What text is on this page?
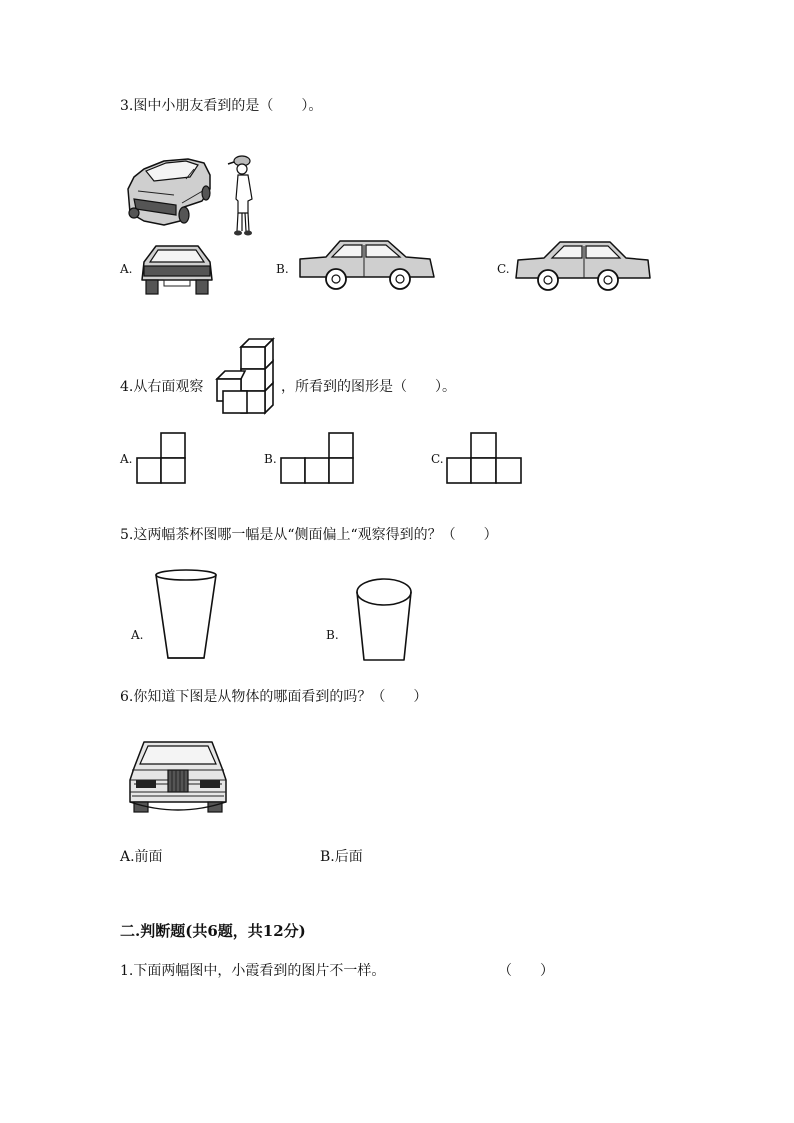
3.图中小朋友看到的是（　　）。
A.	B.	C.
4.从右面观察	，所看到的图形是（　　）。
A.	B.	C.
5.这两幅茶杯图哪一幅是从“侧面偏上“观察得到的？（　　）
A.	B.
6.你知道下图是从物体的哪面看到的吗？（　　）
A.前面	B.后面
二.判断题(共6题，共12分)
1.下面两幅图中，小霞看到的图片不一样。	（　　）
